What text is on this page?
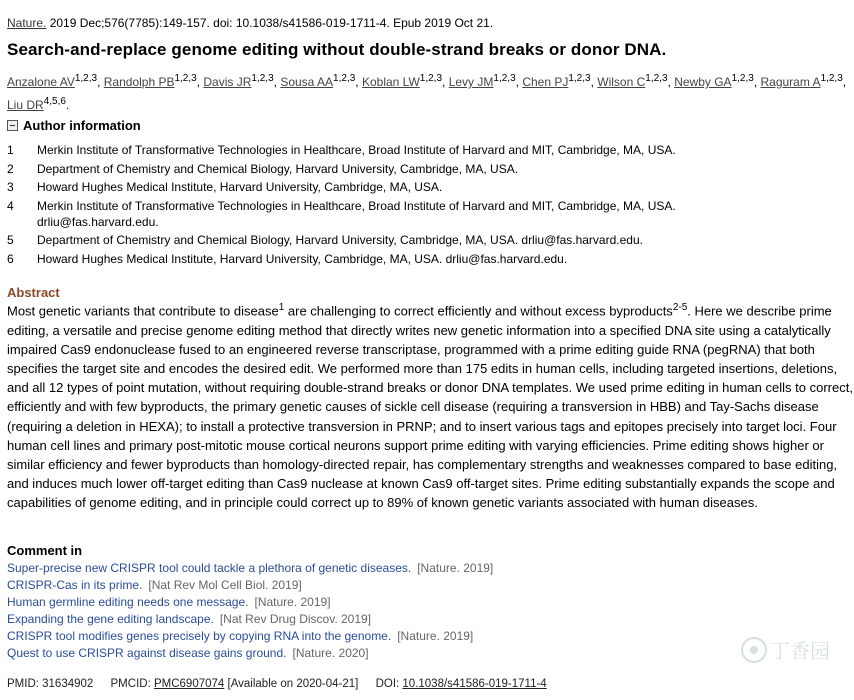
Nature. 2019 Dec;576(7785):149-157. doi: 10.1038/s41586-019-1711-4. Epub 2019 Oct 21.
Search-and-replace genome editing without double-strand breaks or donor DNA.
Anzalone AV$^{1,2,3}$, Randolph PB$^{1,2,3}$, Davis JR$^{1,2,3}$, Sousa AA$^{1,2,3}$, Koblan LW$^{1,2,3}$, Levy JM$^{1,2,3}$, Chen PJ$^{1,2,3}$, Wilson C$^{1,2,3}$, Newby GA$^{1,2,3}$, Raguram A$^{1,2,3}$, Liu DR$^{4,5,6}$.
Author information
1 Merkin Institute of Transformative Technologies in Healthcare, Broad Institute of Harvard and MIT, Cambridge, MA, USA.
2 Department of Chemistry and Chemical Biology, Harvard University, Cambridge, MA, USA.
3 Howard Hughes Medical Institute, Harvard University, Cambridge, MA, USA.
4 Merkin Institute of Transformative Technologies in Healthcare, Broad Institute of Harvard and MIT, Cambridge, MA, USA.
drliu@fas.harvard.edu.
5 Department of Chemistry and Chemical Biology, Harvard University, Cambridge, MA, USA. drliu@fas.harvard.edu.
6 Howard Hughes Medical Institute, Harvard University, Cambridge, MA, USA. drliu@fas.harvard.edu.
Abstract
Most genetic variants that contribute to disease$^1$ are challenging to correct efficiently and without excess byproducts$^{2-5}$. Here we describe prime editing, a versatile and precise genome editing method that directly writes new genetic information into a specified DNA site using a catalytically impaired Cas9 endonuclease fused to an engineered reverse transcriptase, programmed with a prime editing guide RNA (pegRNA) that both specifies the target site and encodes the desired edit. We performed more than 175 edits in human cells, including targeted insertions, deletions, and all 12 types of point mutation, without requiring double-strand breaks or donor DNA templates. We used prime editing in human cells to correct, efficiently and with few byproducts, the primary genetic causes of sickle cell disease (requiring a transversion in HBB) and Tay-Sachs disease (requiring a deletion in HEXA); to install a protective transversion in PRNP; and to insert various tags and epitopes precisely into target loci. Four human cell lines and primary post-mitotic mouse cortical neurons support prime editing with varying efficiencies. Prime editing shows higher or similar efficiency and fewer byproducts than homology-directed repair, has complementary strengths and weaknesses compared to base editing, and induces much lower off-target editing than Cas9 nuclease at known Cas9 off-target sites. Prime editing substantially expands the scope and capabilities of genome editing, and in principle could correct up to 89% of known genetic variants associated with human diseases.
Comment in
Super-precise new CRISPR tool could tackle a plethora of genetic diseases. [Nature. 2019]
CRISPR-Cas in its prime. [Nat Rev Mol Cell Biol. 2019]
Human germline editing needs one message. [Nature. 2019]
Expanding the gene editing landscape. [Nat Rev Drug Discov. 2019]
CRISPR tool modifies genes precisely by copying RNA into the genome. [Nature. 2019]
Quest to use CRISPR against disease gains ground. [Nature. 2020]	丁香园
PMID: 31634902 PMCID: PMC6907074 [Available on 2020-04-21] DOI: 10.1038/s41586-019-1711-4
